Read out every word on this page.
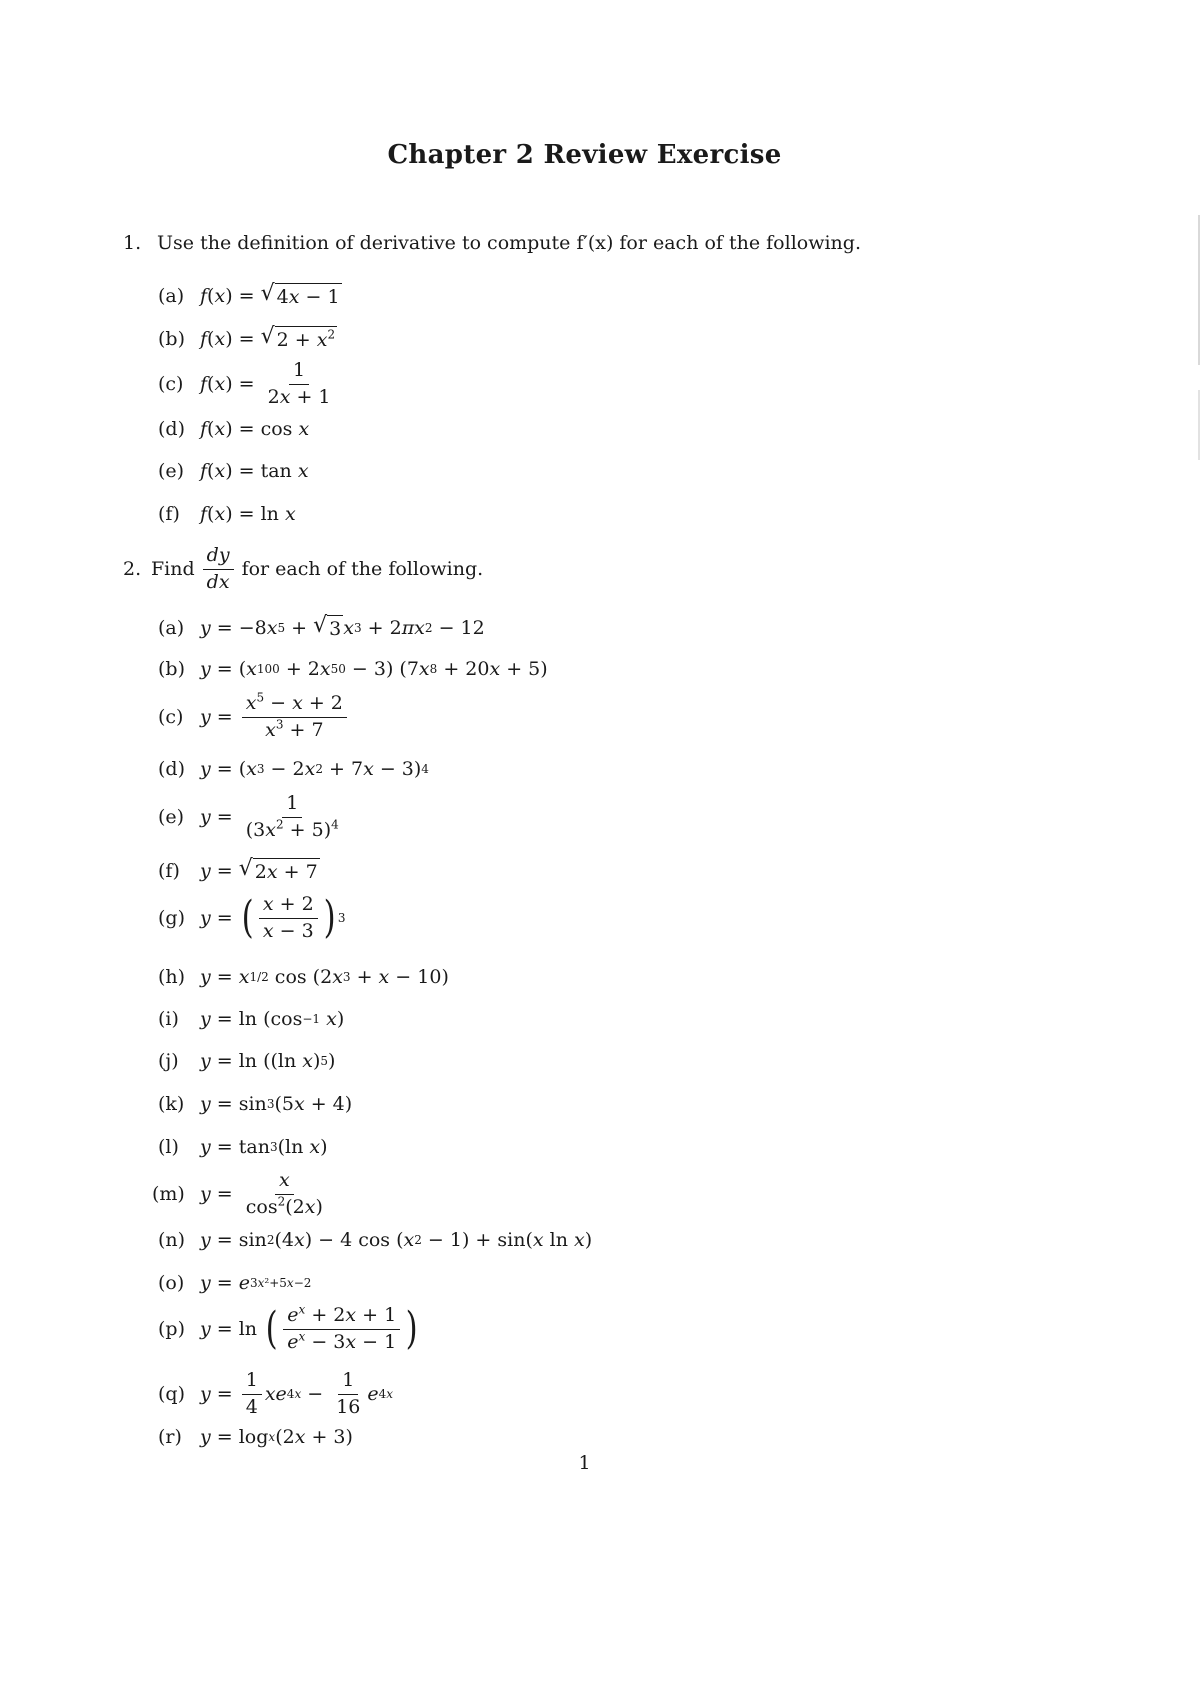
Chapter 2 Review Exercise
1. Use the definition of derivative to compute f′(x) for each of the following.
(a) f ( x ) = √ 4x − 1
(b) f ( x ) = √ $2 + x^2$
(c) f ( x ) = $\frac{1}{2x + 1}$
(d) f ( x ) = cos x
(e) f ( x ) = tan x
(f)	f ( x ) = ln x
2. Find $\frac{dy}{dx}$ for each of the following.
(a) y = −8 x 5 + √ 3 x 3 + 2 πx 2 − 12
(b) y = ( x 100 + 2 x 50 − 3) (7 x 8 + 20 x + 5)
(c) $y = \frac{x^5 - x + 2}{x^3 + 7}$
(d) y = ( x 3 − 2 x 2 + 7 x − 3) 4
(e) $y = \frac{1}{(3x^2 + 5)^4}$
(f)	y = √ 2x + 7
(g) y = ( $\frac{x + 2}{x - 3}$ ) 3
(h) y = x 1/2 cos (2 x 3 + x − 10)
(i)	y = ln (cos −1
x )
(j)	y = ln ((ln x ) 5 )
(k) y = sin 3 (5 x + 4)
(l)	y = tan 3 (ln x )
(m) $y = \frac{x}{\cos^2(2x)}$
(n) y = sin 2 (4 x ) − 4 cos ( x 2 − 1) + sin( x ln x )
(o) y = e 3x²+5x−2
(p) y = ln ( $\frac{e^x + 2x + 1}{e^x - 3x - 1}$ )
(q) $y = \frac{1}{4}$ xe $4x - \frac{1}{16}$ e 4x
(r) y = log x (2 x + 3)
1
